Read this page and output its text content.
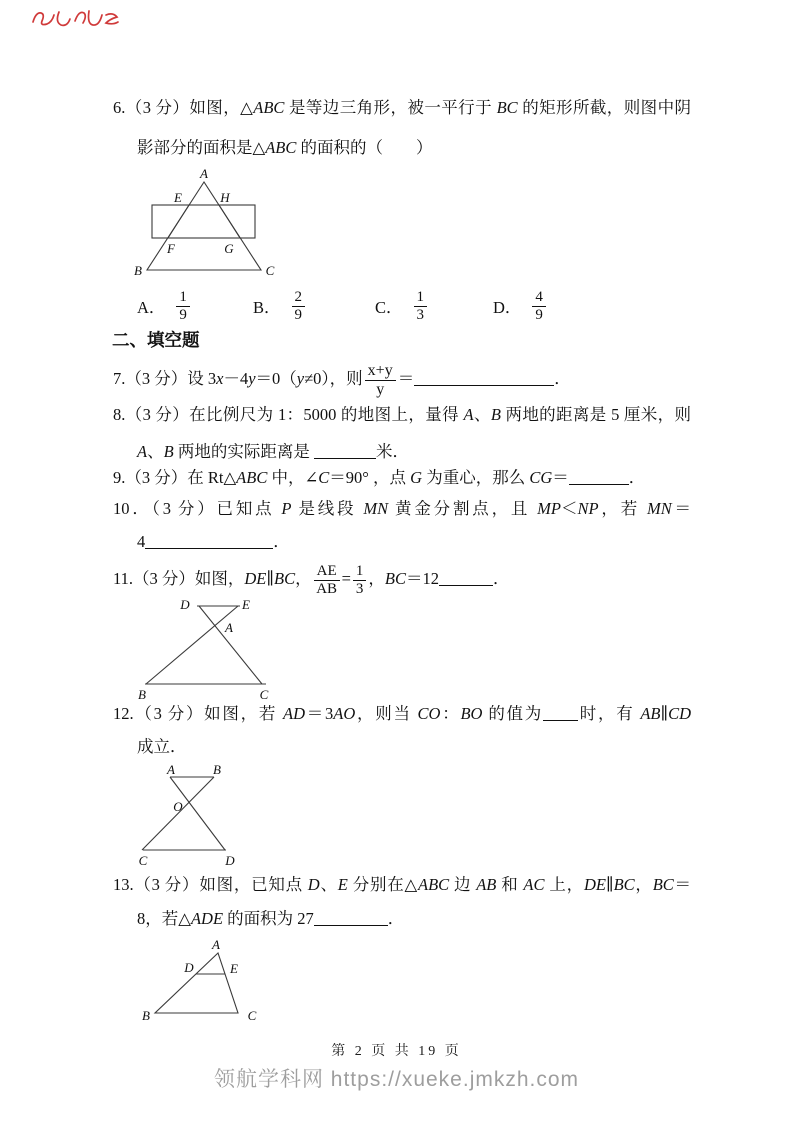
6.（3 分）如图，△ABC 是等边三角形，被一平行于 BC 的矩形所截，则图中阴
影部分的面积是△ABC 的面积的（　　）
A
E	H
F	G
B	C
A． $\frac{1}{9}$	B． $\frac{2}{9}$	C． $\frac{1}{3}$	D． $\frac{4}{9}$
二、填空题
7.（3 分）设 3x－4y＝0（y≠0），则 $\frac{x+y}{y}$ ＝	．
8.（3 分）在比例尺为 1：5000 的地图上，量得 A、B 两地的距离是 5 厘米，则
A、B 两地的实际距离是	米．
9.（3 分）在 Rt△ABC 中，∠C＝90° ，点 G 为重心，那么 CG＝	．
10．（3 分）已知点 P 是线段 MN 黄金分割点，且 MP＜NP，若 MN＝
4	．
11.（3 分）如图，DE∥BC， $\frac{AE}{AB} = \frac{1}{3}$ ，BC＝12	．
D	E
A
B	C
12.（3 分）如图，若 AD＝3AO，则当 CO：BO 的值为 时，有 AB∥CD
成立．
A	B
O
C	D
13.（3 分）如图，已知点 D、E 分别在△ABC 边 AB 和 AC 上，DE∥BC，BC＝
8，若△ADE 的面积为 27	．
A
D	E
B	C
第 2 页 共 19 页
领航学科网 https://xueke.jmkzh.com
